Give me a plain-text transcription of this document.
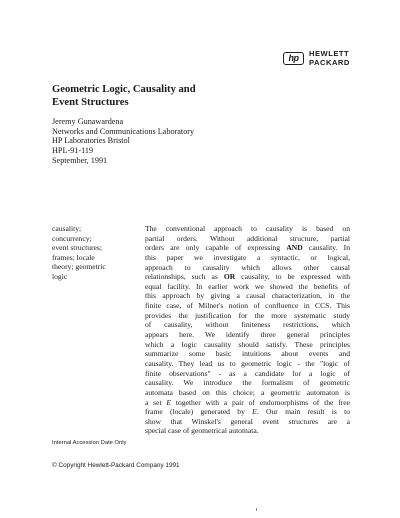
hp	HEWLETT
PACKARD
Geometric Logic, Causality and
Event Structures
Jeremy Gunawardena
Networks and Communications Laboratory
HP Laboratories Bristol
HPL-91-119
September, 1991
causality;
concurrency;
event structures;
frames; locale
theory; geometric
logic
The conventional approach to causality is based on
partial orders. Without additional structure, partial
orders are only capable of expressing AND causality. In
this paper we investigate a syntactic, or logical,
approach to causality which allows other causal
relationships, such as OR causality, to be expressed with
equal facility. In earlier work we showed the benefits of
this approach by giving a causal characterization, in the
finite case, of Milner's notion of confluence in CCS. This
provides the justification for the more systematic study
of causality, without finiteness restrictions, which
appears here. We identify three general principles
which a logic causality should satisfy. These principles
summarize some basic intuitions about events and
causality. They lead us to geometric logic - the "logic of
finite observations" - as a candidate for a logic of
causality. We introduce the formalism of geometric
automata based on this choice; a geometric automaton is
a set E together with a pair of endomorphisms of the free
frame (locale) generated by E. Our main result is to
show that Winskel's general event structures are a
special case of geometrical automata.
Internal Accession Date Only
© Copyright Hewlett-Packard Company 1991
